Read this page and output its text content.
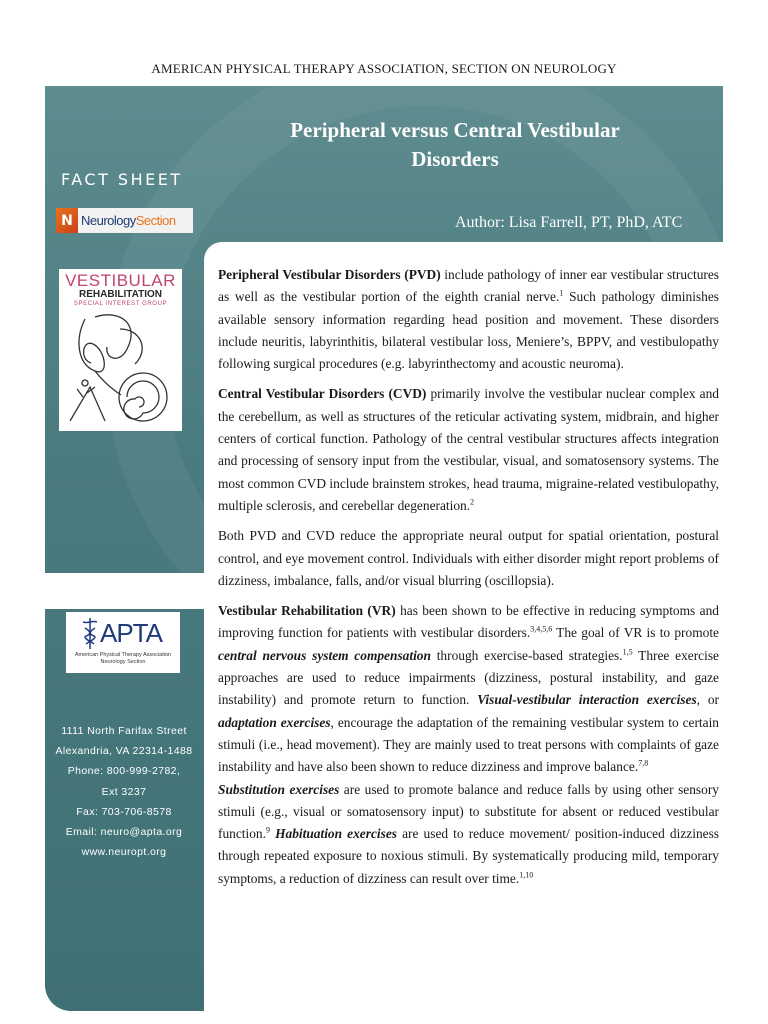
AMERICAN PHYSICAL THERAPY ASSOCIATION, SECTION ON NEUROLOGY
Peripheral versus Central Vestibular
Disorders
FACT SHEET
N Neurology Section	Author: Lisa Farrell, PT, PhD, ATC
VESTIBULAR
REHABILITATION
SPECIAL INTEREST GROUP
APTA
American Physical Therapy Association
Neurology Section
1111 North Farifax Street
Alexandria, VA 22314-1488
Phone: 800-999-2782,
Ext 3237
Fax: 703-706-8578
Email: neuro@apta.org
www.neuropt.org

Peripheral Vestibular Disorders (PVD) include pathology of inner ear vestibular structures as well as the vestibular portion of the eighth cranial nerve.$^1$ Such pathology diminishes available sensory information regarding head position and movement. These disorders include neuritis, labyrinthitis, bilateral vestibular loss, Meniere’s, BPPV, and vestibulopathy following surgical procedures (e.g. labyrinthectomy and acoustic neuroma).

Central Vestibular Disorders (CVD) primarily involve the vestibular nuclear complex and the cerebellum, as well as structures of the reticular activating system, midbrain, and higher centers of cortical function. Pathology of the central vestibular structures affects integration and processing of sensory input from the vestibular, visual, and somatosensory systems. The most common CVD include brainstem strokes, head trauma, migraine-related vestibulopathy, multiple sclerosis, and cerebellar degeneration.$^2$

Both PVD and CVD reduce the appropriate neural output for spatial orientation, postural control, and eye movement control. Individuals with either disorder might report problems of dizziness, imbalance, falls, and/or visual blurring (oscillopsia).

Vestibular Rehabilitation (VR) has been shown to be effective in reducing symptoms and improving function for patients with vestibular disorders.$^{3,4,5,6}$ The goal of VR is to promote central nervous system compensation through exercise-based strategies.$^{1,5}$ Three exercise approaches are used to reduce impairments (dizziness, postural instability, and gaze instability) and promote return to function. Visual-vestibular interaction exercises, or adaptation exercises, encourage the adaptation of the remaining vestibular system to certain stimuli (i.e., head movement). They are mainly used to treat persons with complaints of gaze instability and have also been shown to reduce dizziness and improve balance.$^{7,8}$
Substitution exercises are used to promote balance and reduce falls by using other sensory stimuli (e.g., visual or somatosensory input) to substitute for absent or reduced vestibular function.$^9$ Habituation exercises are used to reduce movement/ position-induced dizziness through repeated exposure to noxious stimuli. By systematically producing mild, temporary symptoms, a reduction of dizziness can result over time.$^{1,10}$
